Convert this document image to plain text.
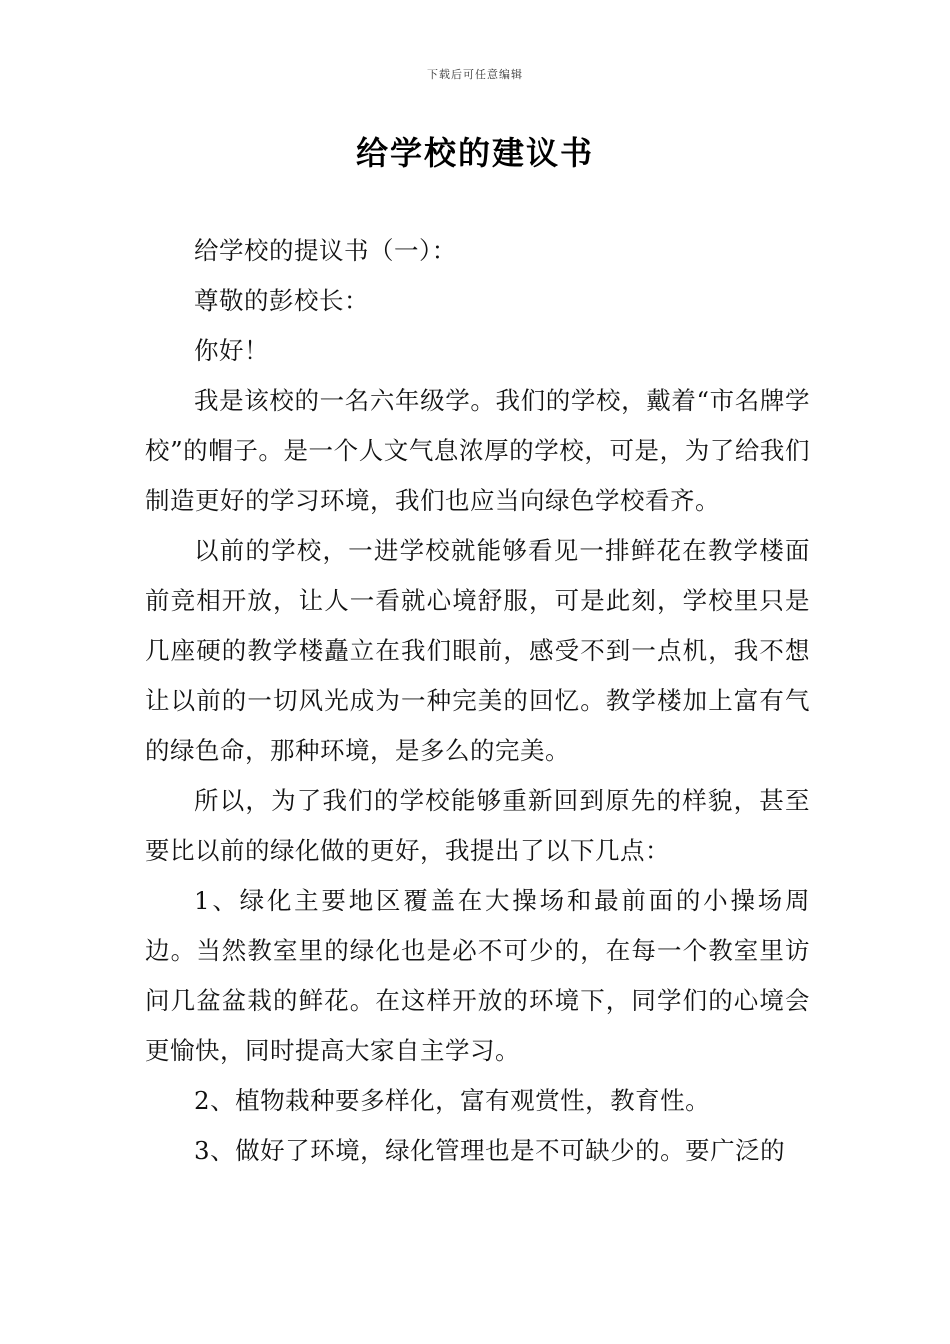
下载后可任意编辑
给学校的建议书

给学校的提议书（一）：

尊敬的彭校长：

你好！

我是该校的一名六年级学。我们的学校，戴着“市名牌学校”的帽子。是一个人文气息浓厚的学校，可是，为了给我们制造更好的学习环境，我们也应当向绿色学校看齐。

以前的学校，一进学校就能够看见一排鲜花在教学楼面前竞相开放，让人一看就心境舒服，可是此刻，学校里只是几座硬的教学楼矗立在我们眼前，感受不到一点机，我不想让以前的一切风光成为一种完美的回忆。教学楼加上富有气的绿色命，那种环境，是多么的完美。

所以，为了我们的学校能够重新回到原先的样貌，甚至要比以前的绿化做的更好，我提出了以下几点：

1、绿化主要地区覆盖在大操场和最前面的小操场周边。当然教室里的绿化也是必不可少的，在每一个教室里访问几盆盆栽的鲜花。在这样开放的环境下，同学们的心境会更愉快，同时提高大家自主学习。

2、植物栽种要多样化，富有观赏性，教育性。

3、做好了环境，绿化管理也是不可缺少的。要广泛的
